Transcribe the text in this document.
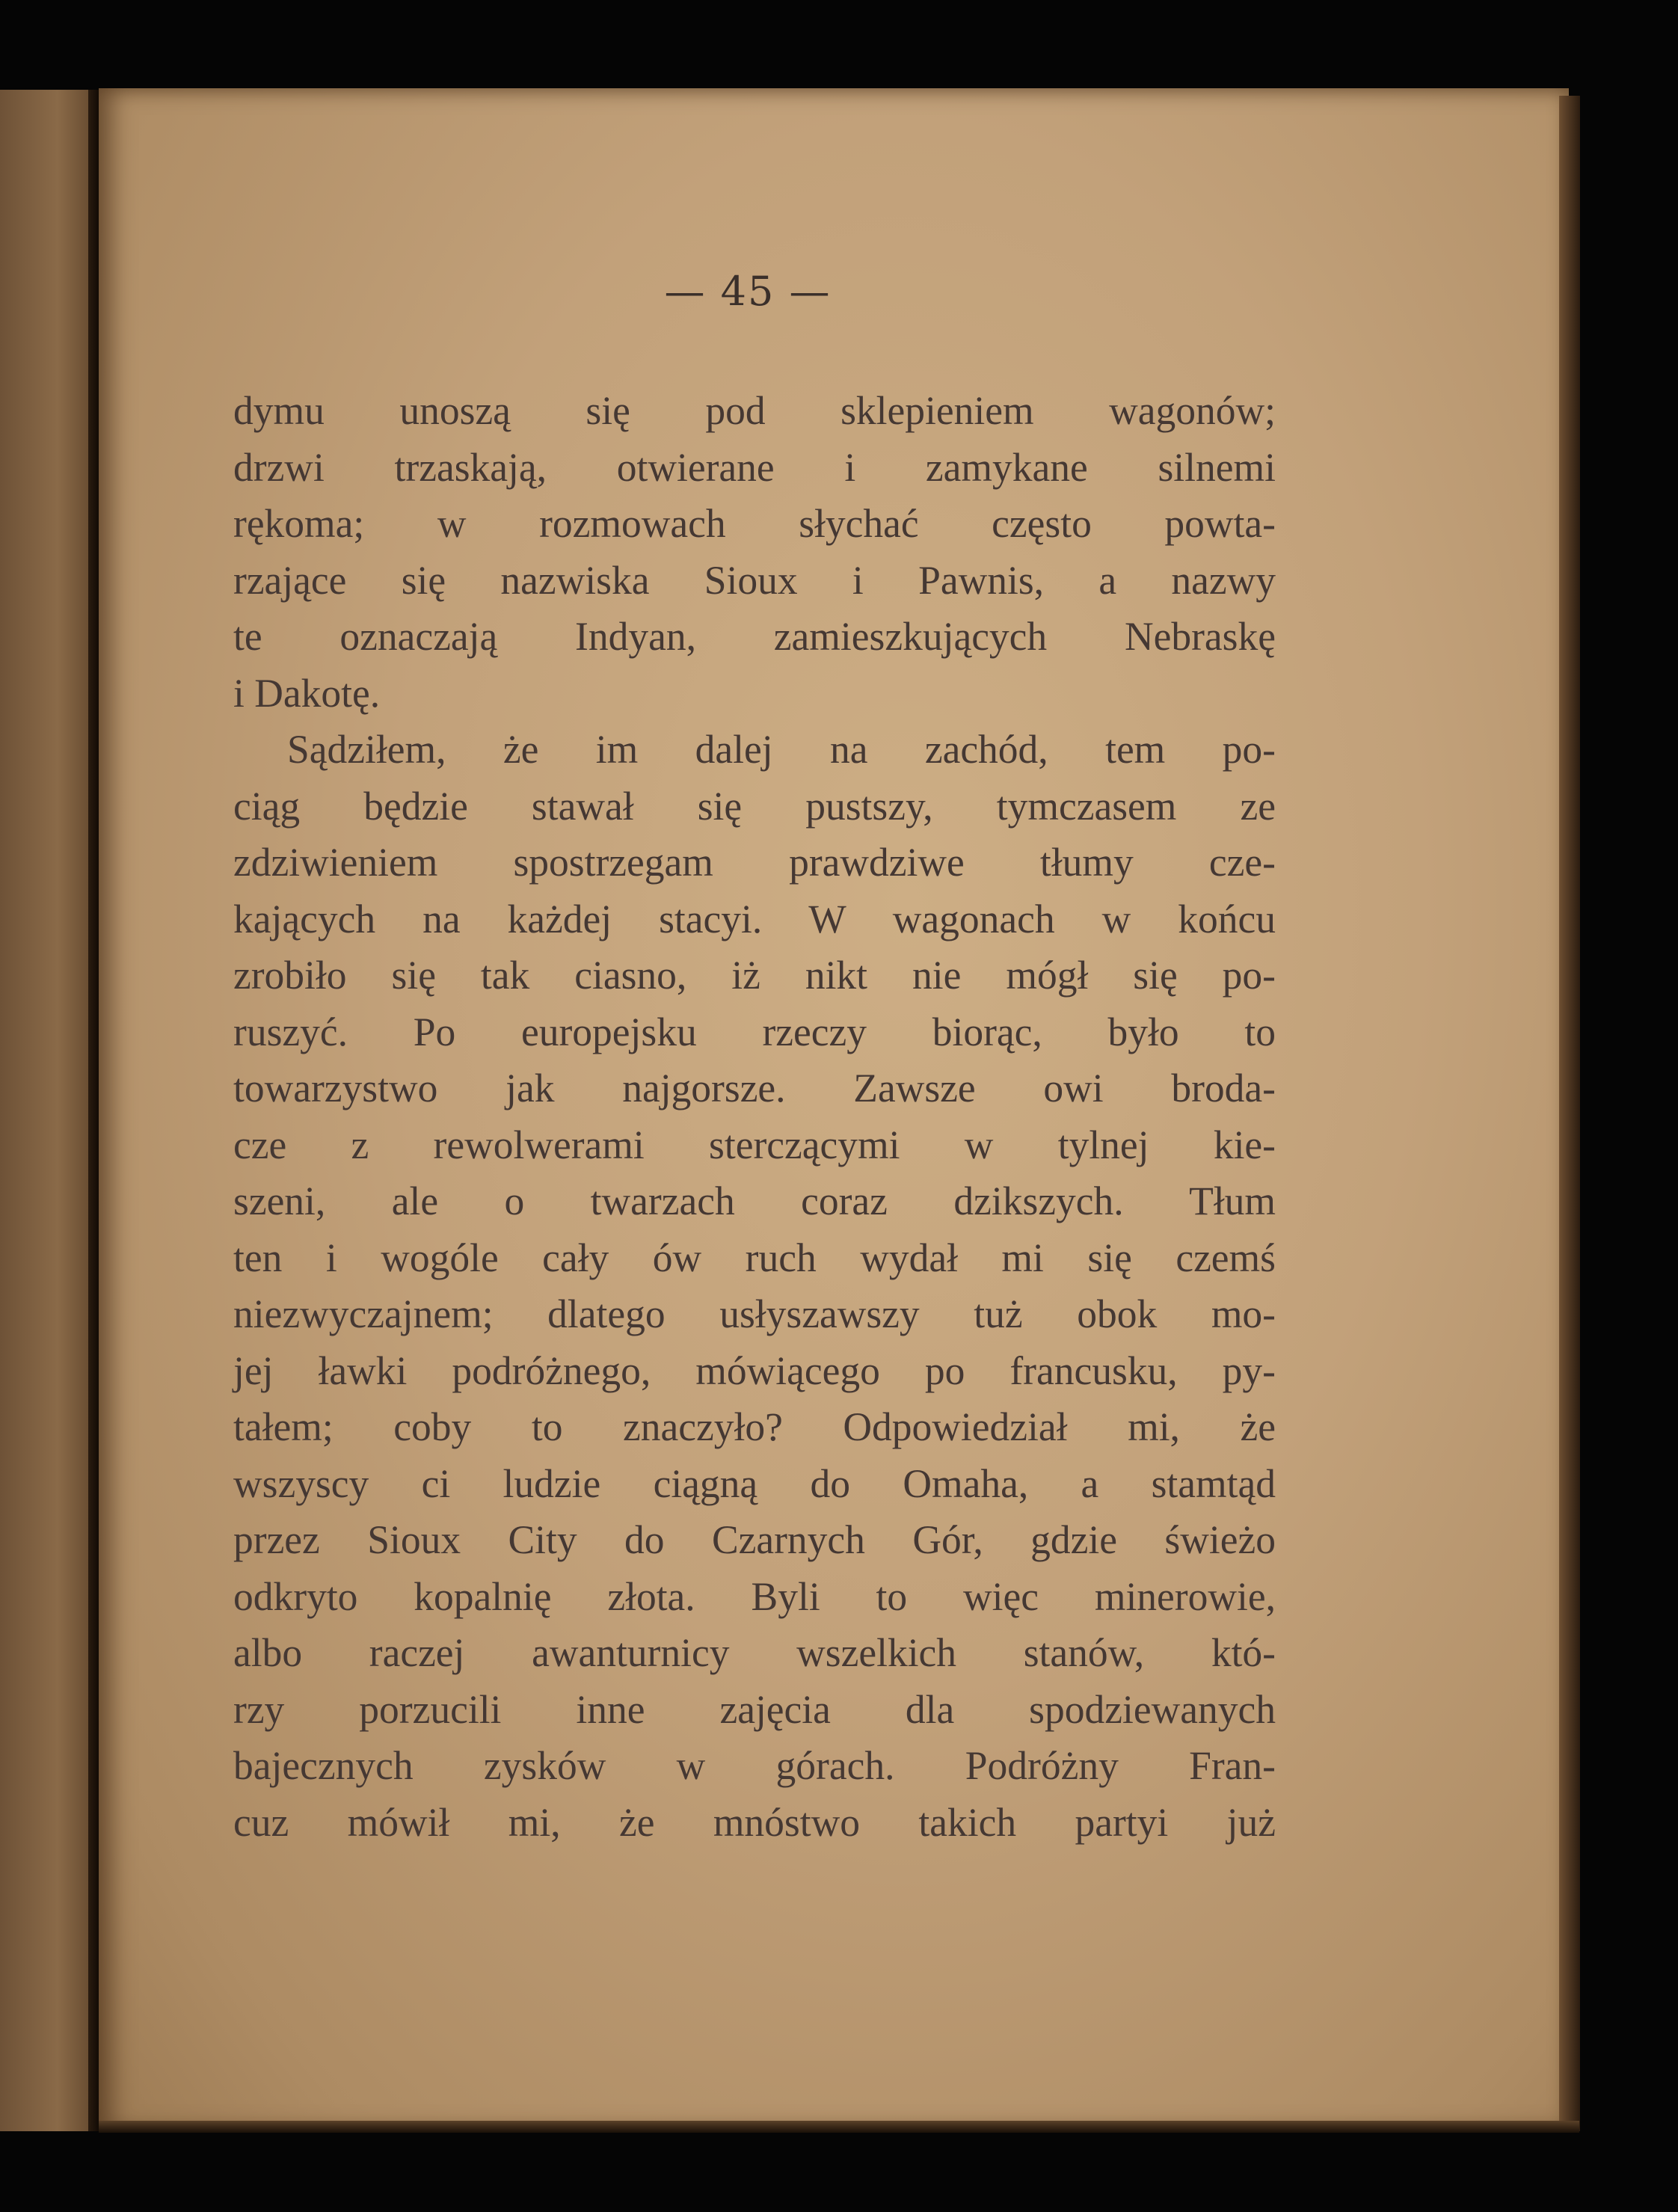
— 45 —
dymu unoszą się pod sklepieniem wagonów;
drzwi trzaskają, otwierane i zamykane silnemi
rękoma; w rozmowach słychać często powta-
rzające się nazwiska Sioux i Pawnis, a nazwy
te oznaczają Indyan, zamieszkujących Nebraskę
i Dakotę.
Sądziłem, że im dalej na zachód, tem po-
ciąg będzie stawał się pustszy, tymczasem ze
zdziwieniem spostrzegam prawdziwe tłumy cze-
kających na każdej stacyi. W wagonach w końcu
zrobiło się tak ciasno, iż nikt nie mógł się po-
ruszyć. Po europejsku rzeczy biorąc, było to
towarzystwo jak najgorsze. Zawsze owi broda-
cze z rewolwerami sterczącymi w tylnej kie-
szeni, ale o twarzach coraz dzikszych. Tłum
ten i wogóle cały ów ruch wydał mi się czemś
niezwyczajnem; dlatego usłyszawszy tuż obok mo-
jej ławki podróżnego, mówiącego po francusku, py-
tałem; coby to znaczyło? Odpowiedział mi, że
wszyscy ci ludzie ciągną do Omaha, a stamtąd
przez Sioux City do Czarnych Gór, gdzie świeżo
odkryto kopalnię złota. Byli to więc minerowie,
albo raczej awanturnicy wszelkich stanów, któ-
rzy porzucili inne zajęcia dla spodziewanych
bajecznych zysków w górach. Podróżny Fran-
cuz mówił mi, że mnóstwo takich partyi już
